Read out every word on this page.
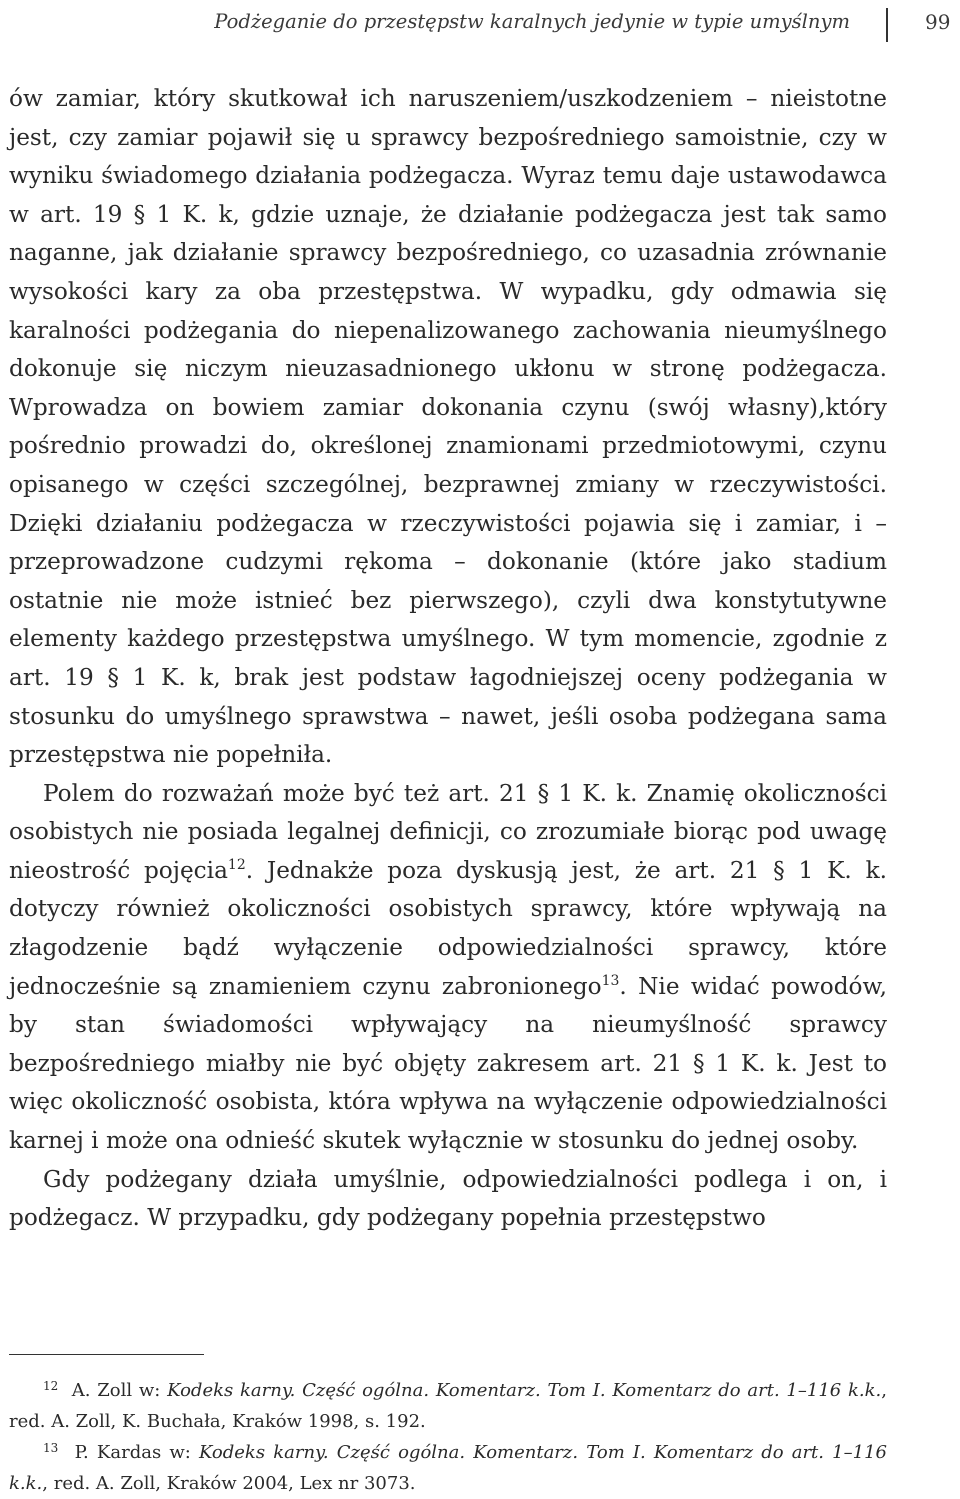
Podżeganie do przestępstw karalnych jedynie w typie umyślnym	99

ów zamiar, który skutkował ich naruszeniem/uszkodzeniem – nieistotne jest, czy zamiar pojawił się u sprawcy bezpośredniego samoistnie, czy w wyniku świadomego działania podżegacza. Wyraz temu daje ustawodawca w art. 19 § 1 K. k, gdzie uznaje, że działanie podżegacza jest tak samo naganne, jak działanie sprawcy bezpośredniego, co uzasadnia zrównanie wysokości kary za oba przestępstwa. W wypadku, gdy odmawia się karalności podżegania do niepenalizowanego zachowania nieumyślnego dokonuje się niczym nieuzasadnionego ukłonu w stronę podżegacza. Wprowadza on bowiem zamiar dokonania czynu (swój własny),który pośrednio prowadzi do, określonej znamionami przedmiotowymi, czynu opisanego w części szczególnej, bezprawnej zmiany w rzeczywistości. Dzięki działaniu podżegacza w rzeczywistości pojawia się i zamiar, i – przeprowadzone cudzymi rękoma – dokonanie (które jako stadium ostatnie nie może istnieć bez pierwszego), czyli dwa konstytutywne elementy każdego przestępstwa umyślnego. W tym momencie, zgodnie z art. 19 § 1 K. k, brak jest podstaw łagodniejszej oceny podżegania w stosunku do umyślnego sprawstwa – nawet, jeśli osoba podżegana sama przestępstwa nie popełniła.

Polem do rozważań może być też art. 21 § 1 K. k. Znamię okoliczności osobistych nie posiada legalnej definicji, co zrozumiałe biorąc pod uwagę nieostrość pojęcia$^{12}$. Jednakże poza dyskusją jest, że art. 21 § 1 K. k. dotyczy również okoliczności osobistych sprawcy, które wpływają na złagodzenie bądź wyłączenie odpowiedzialności sprawcy, które jednocześnie są znamieniem czynu zabronionego$^{13}$. Nie widać powodów, by stan świadomości wpływający na nieumyślność sprawcy bezpośredniego miałby nie być objęty zakresem art. 21 § 1 K. k. Jest to więc okoliczność osobista, która wpływa na wyłączenie odpowiedzialności karnej i może ona odnieść skutek wyłącznie w stosunku do jednej osoby.

Gdy podżegany działa umyślnie, odpowiedzialności podlega i on, i podżegacz. W przypadku, gdy podżegany popełnia przestępstwo

$^{12}$ A. Zoll w: Kodeks karny. Część ogólna. Komentarz. Tom I. Komentarz do art. 1–116 k.k., red. A. Zoll, K. Buchała, Kraków 1998, s. 192.

$^{13}$ P. Kardas w: Kodeks karny. Część ogólna. Komentarz. Tom I. Komentarz do art. 1–116 k.k., red. A. Zoll, Kraków 2004, Lex nr 3073.
